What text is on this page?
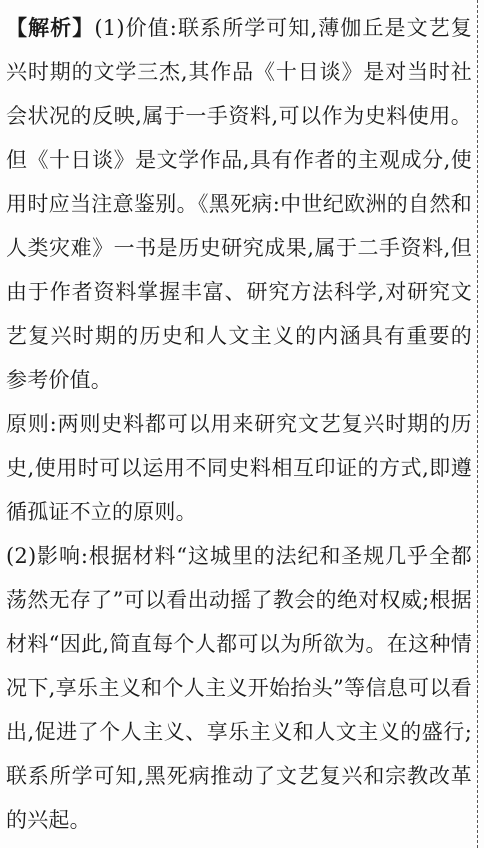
【解析】(1)价值:联系所学可知,薄伽丘是文艺复兴时期的文学三杰,其作品《十日谈》是对当时社会状况的反映,属于一手资料,可以作为史料使用。但《十日谈》是文学作品,具有作者的主观成分,使用时应当注意鉴别。《黑死病:中世纪欧洲的自然和人类灾难》一书是历史研究成果,属于二手资料,但由于作者资料掌握丰富、研究方法科学,对研究文艺复兴时期的历史和人文主义的内涵具有重要的参考价值。

原则:两则史料都可以用来研究文艺复兴时期的历史,使用时可以运用不同史料相互印证的方式,即遵循孤证不立的原则。

(2)影响:根据材料“这城里的法纪和圣规几乎全都荡然无存了”可以看出动摇了教会的绝对权威;根据材料“因此,简直每个人都可以为所欲为。在这种情况下,享乐主义和个人主义开始抬头”等信息可以看出,促进了个人主义、享乐主义和人文主义的盛行;联系所学可知,黑死病推动了文艺复兴和宗教改革的兴起。
